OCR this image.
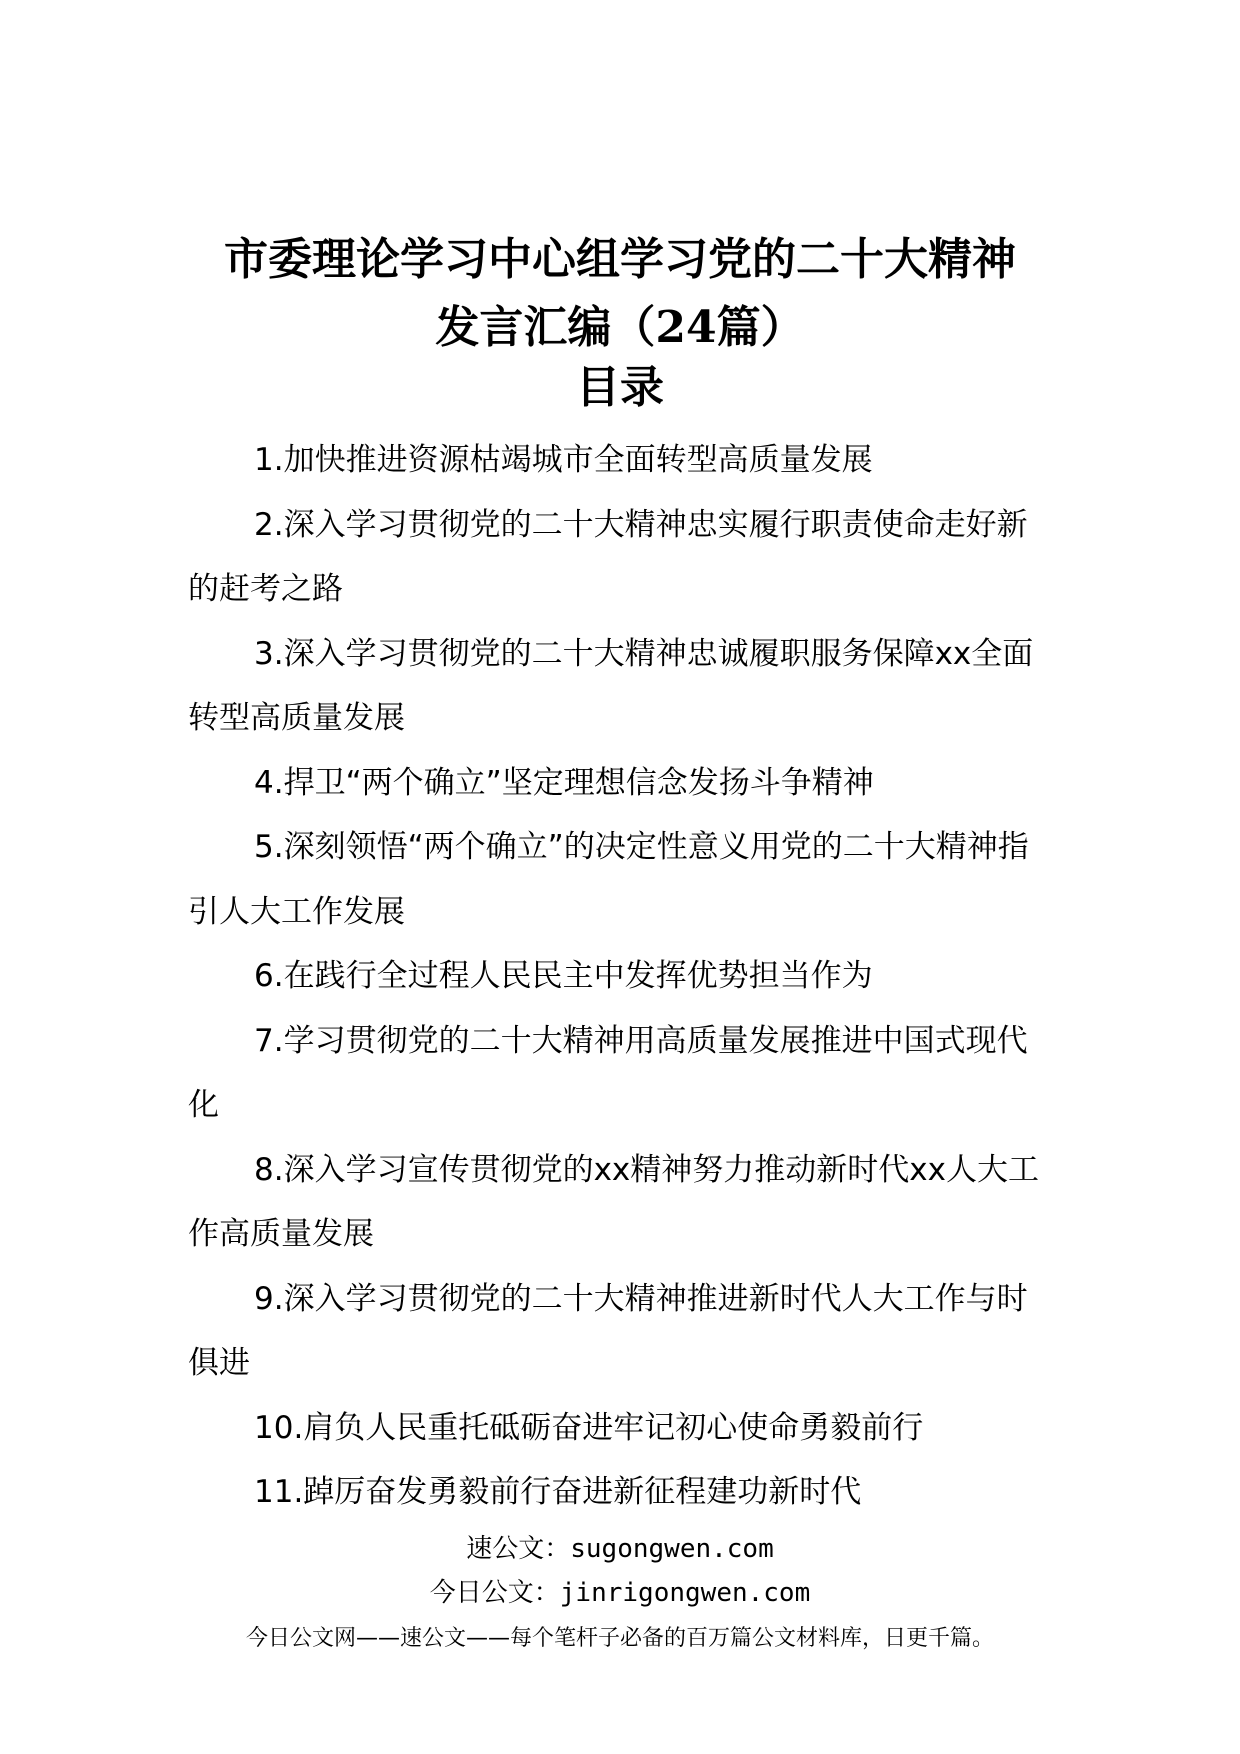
市委理论学习中心组学习党的二十大精神
发言汇编（24篇）
目录

1.加快推进资源枯竭城市全面转型高质量发展

2.深入学习贯彻党的二十大精神忠实履行职责使命走好新的赶考之路

3.深入学习贯彻党的二十大精神忠诚履职服务保障xx全面转型高质量发展

4.捍卫“两个确立”坚定理想信念发扬斗争精神

5.深刻领悟“两个确立”的决定性意义用党的二十大精神指引人大工作发展

6.在践行全过程人民民主中发挥优势担当作为

7.学习贯彻党的二十大精神用高质量发展推进中国式现代化

8.深入学习宣传贯彻党的xx精神努力推动新时代xx人大工作高质量发展

9.深入学习贯彻党的二十大精神推进新时代人大工作与时俱进

10.肩负人民重托砥砺奋进牢记初心使命勇毅前行

11.踔厉奋发勇毅前行奋进新征程建功新时代

速公文：sugongwen.com
今日公文：jinrigongwen.com
今日公文网——速公文——每个笔杆子必备的百万篇公文材料库，日更千篇。
